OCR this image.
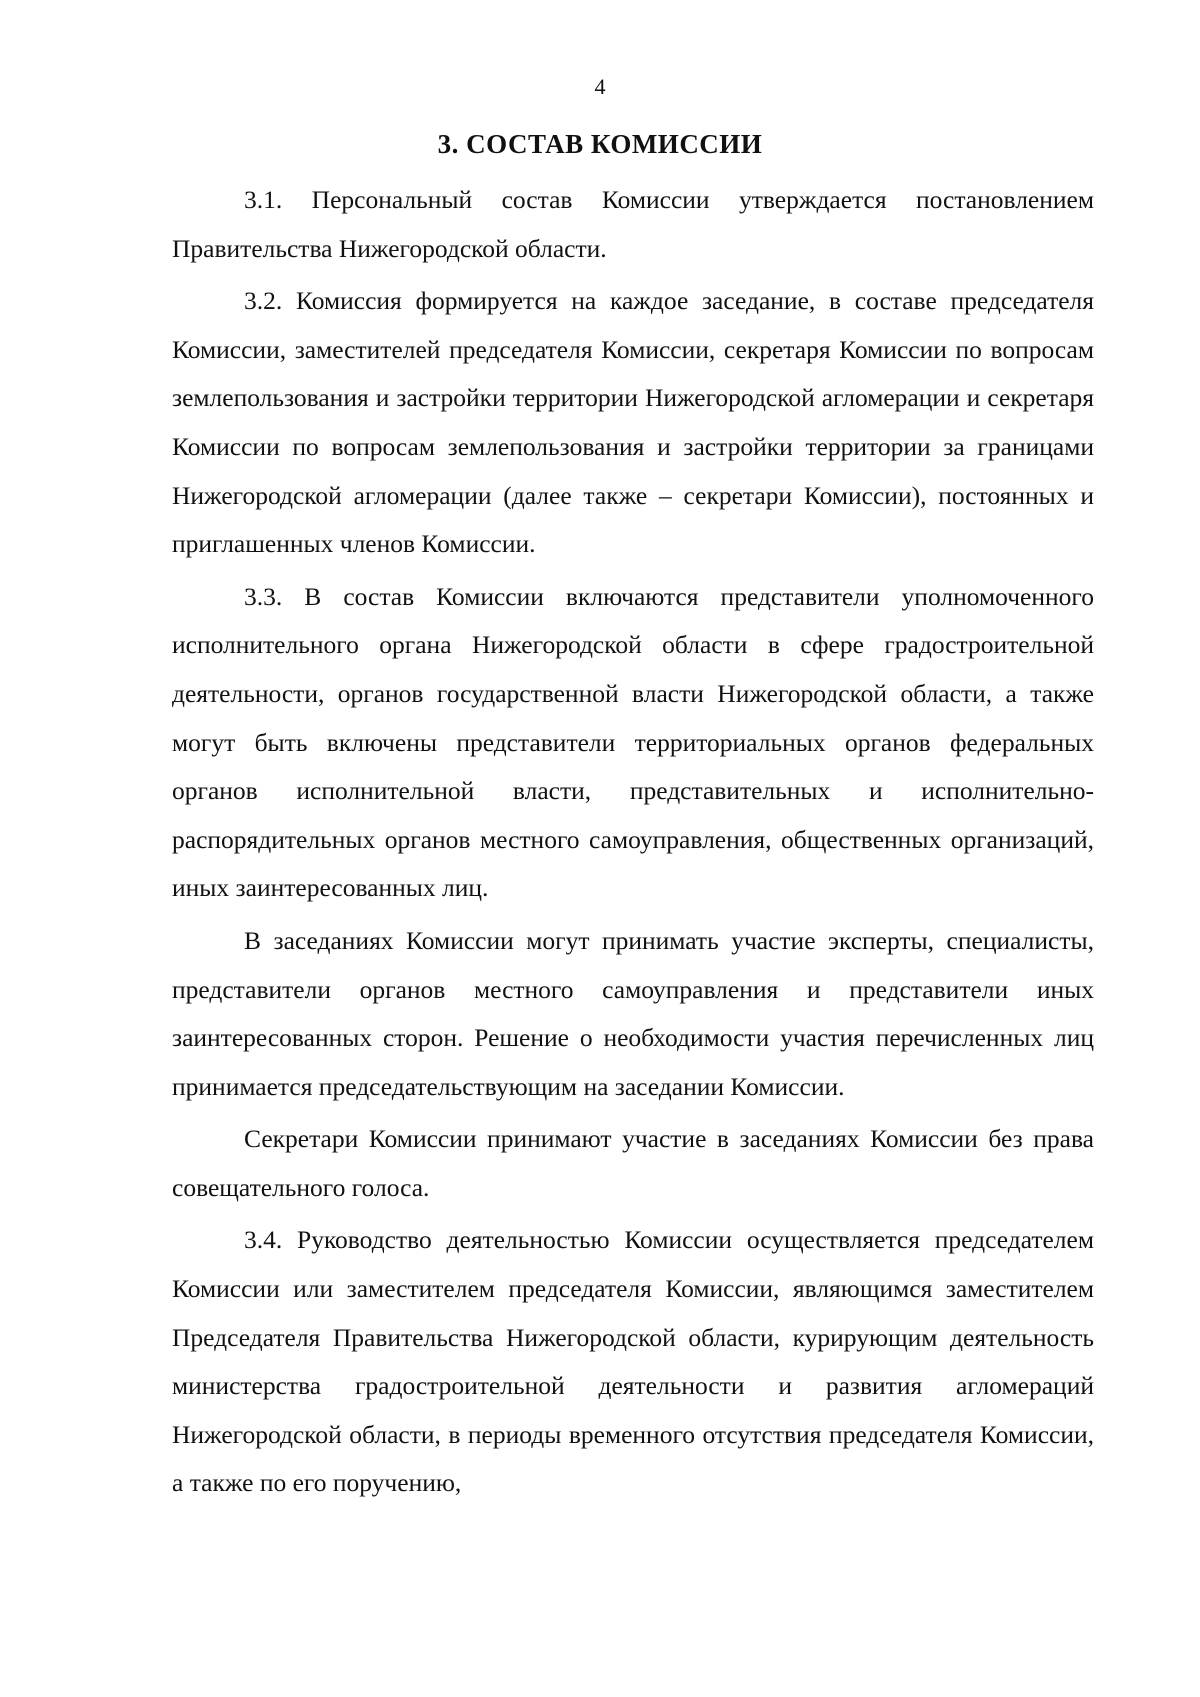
4
3. СОСТАВ КОМИССИИ

3.1. Персональный состав Комиссии утверждается постановлением Правительства Нижегородской области.

3.2. Комиссия формируется на каждое заседание, в составе председателя Комиссии, заместителей председателя Комиссии, секретаря Комиссии по вопросам землепользования и застройки территории Нижегородской агломерации и секретаря Комиссии по вопросам землепользования и застройки территории за границами Нижегородской агломерации (далее также – секретари Комиссии), постоянных и приглашенных членов Комиссии.

3.3. В состав Комиссии включаются представители уполномоченного исполнительного органа Нижегородской области в сфере градостроительной деятельности, органов государственной власти Нижегородской области, а также могут быть включены представители территориальных органов федеральных органов исполнительной власти, представительных и исполнительно-распорядительных органов местного самоуправления, общественных организаций, иных заинтересованных лиц.

В заседаниях Комиссии могут принимать участие эксперты, специалисты, представители органов местного самоуправления и представители иных заинтересованных сторон. Решение о необходимости участия перечисленных лиц принимается председательствующим на заседании Комиссии.

Секретари Комиссии принимают участие в заседаниях Комиссии без права совещательного голоса.

3.4. Руководство деятельностью Комиссии осуществляется председателем Комиссии или заместителем председателя Комиссии, являющимся заместителем Председателя Правительства Нижегородской области, курирующим деятельность министерства градостроительной деятельности и развития агломераций Нижегородской области, в периоды временного отсутствия председателя Комиссии, а также по его поручению,
